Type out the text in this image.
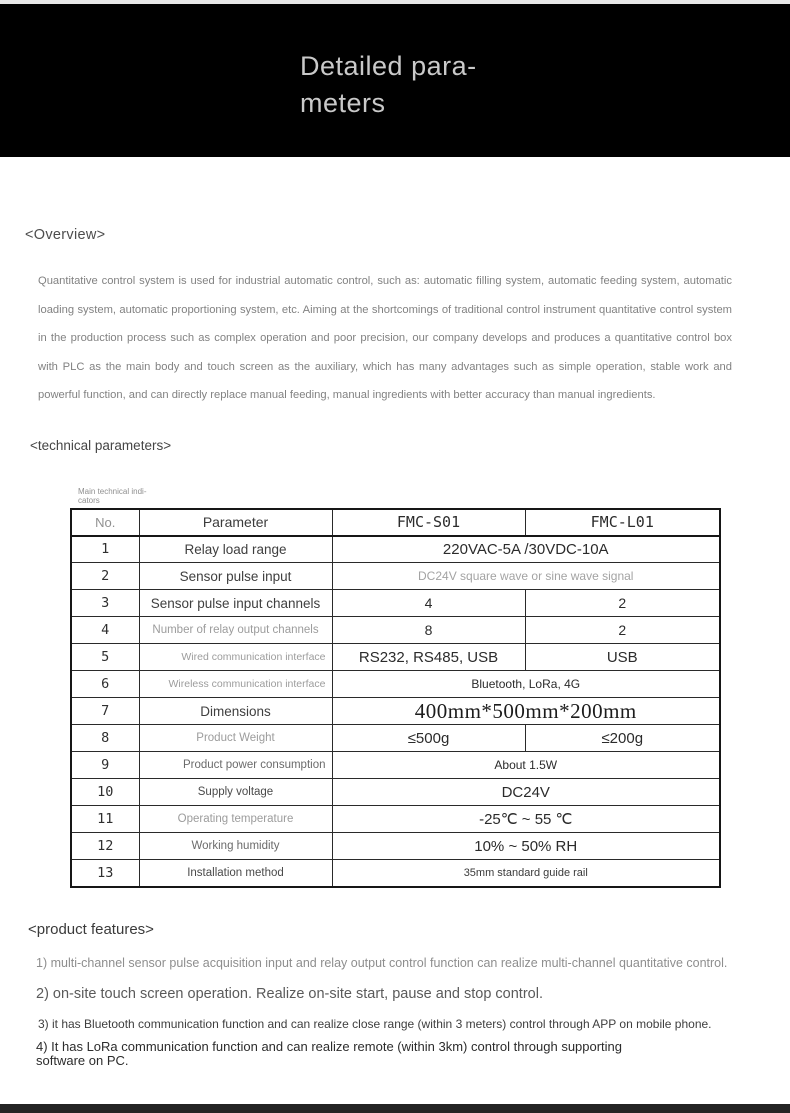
Detailed para-
meters
<Overview>

Quantitative control system is used for industrial automatic control, such as: automatic filling system, automatic feeding system, automatic loading system, automatic proportioning system, etc. Aiming at the shortcomings of traditional control instrument quantitative control system in the production process such as complex operation and poor precision, our company develops and produces a quantitative control box with PLC as the main body and touch screen as the auxiliary, which has many advantages such as simple operation, stable work and powerful function, and can directly replace manual feeding, manual ingredients with better accuracy than manual ingredients.

<technical parameters>
Main technical indi-
cators
No.	Parameter	FMC-S01	FMC-L01
1	Relay load range	220VAC-5A /30VDC-10A	
2	Sensor pulse input	DC24V square wave or sine wave signal	
3	Sensor pulse input channels	4	2
4	Number of relay output channels	8	2
5	Wired communication interface	RS232, RS485, USB	USB
6	Wireless communication interface	Bluetooth, LoRa, 4G	
7	Dimensions	400mm*500mm*200mm	
8	Product Weight	≤500g	≤200g
9	Product power consumption	About 1.5W	
10	Supply voltage	DC24V	
11	Operating temperature	-25℃ ~ 55 ℃	
12	Working humidity	10% ~ 50% RH	
13	Installation method	35mm standard guide rail	
<product features>
1) multi-channel sensor pulse acquisition input and relay output control function can realize multi-channel quantitative control.
2) on-site touch screen operation. Realize on-site start, pause and stop control.
3) it has Bluetooth communication function and can realize close range (within 3 meters) control through APP on mobile phone.
4) It has LoRa communication function and can realize remote (within 3km) control through supporting software on PC.
